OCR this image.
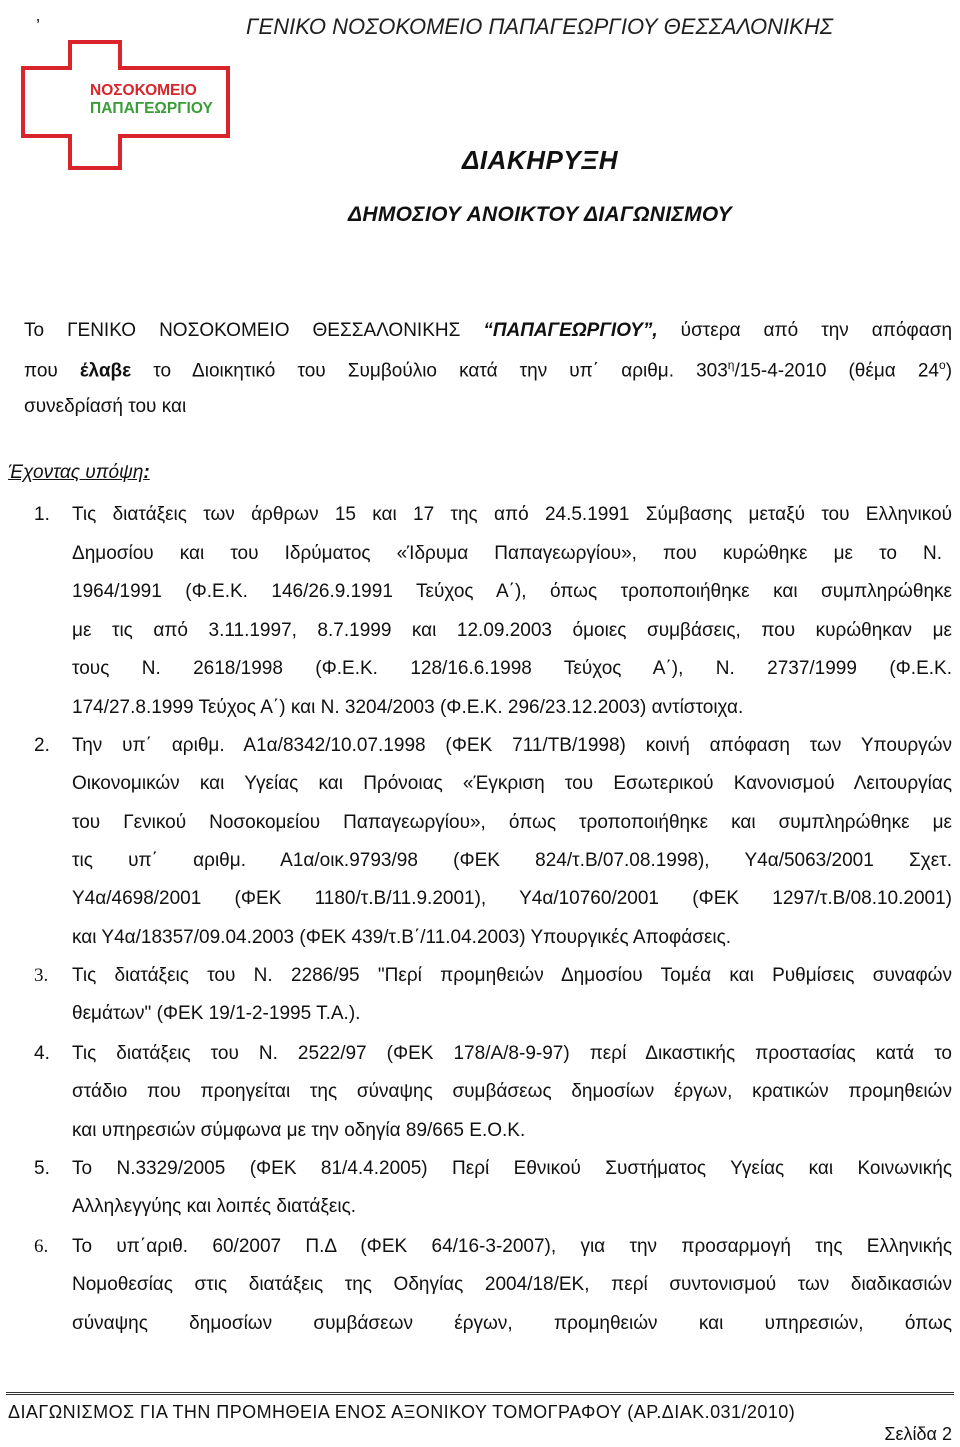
’	ΓΕΝΙΚΟ ΝΟΣΟΚΟΜΕΙΟ ΠΑΠΑΓΕΩΡΓΙΟΥ ΘΕΣΣΑΛΟΝΙΚΗΣ
ΝΟΣΟΚΟΜΕΙΟ
ΠΑΠΑΓΕΩΡΓΙΟΥ
ΔΙΑΚΗΡΥΞΗ
ΔΗΜΟΣΙΟΥ ΑΝΟΙΚΤΟΥ ΔΙΑΓΩΝΙΣΜΟΥ
Το ΓΕΝΙΚΟ ΝΟΣΟΚΟΜΕΙΟ ΘΕΣΣΑΛΟΝΙΚΗΣ “ΠΑΠΑΓΕΩΡΓΙΟΥ”, ύστερα από την απόφαση
που έλαβε το Διοικητικό του Συμβούλιο κατά την υπ΄ αριθμ. $303^\eta/15-4-2010$ (θέμα $24^o$)
συνεδρίασή του και
Έχοντας υπόψη:
1. Τις διατάξεις των άρθρων 15 και 17 της από 24.5.1991 Σύμβασης μεταξύ του Ελληνικού
Δημοσίου και του Ιδρύματος «Ίδρυμα Παπαγεωργίου», που κυρώθηκε με το Ν.
1964/1991 (Φ.Ε.Κ. 146/26.9.1991 Τεύχος Α΄), όπως τροποποιήθηκε και συμπληρώθηκε
με τις από 3.11.1997, 8.7.1999 και 12.09.2003 όμοιες συμβάσεις, που κυρώθηκαν με
τους Ν. 2618/1998 (Φ.Ε.Κ. 128/16.6.1998 Τεύχος Α΄), Ν. 2737/1999 (Φ.Ε.Κ.
174/27.8.1999 Τεύχος Α΄) και Ν. 3204/2003 (Φ.Ε.Κ. 296/23.12.2003) αντίστοιχα.
2. Την υπ΄ αριθμ. Α1α/8342/10.07.1998 (ΦΕΚ 711/ΤΒ/1998) κοινή απόφαση των Υπουργών
Οικονομικών και Υγείας και Πρόνοιας «Έγκριση του Εσωτερικού Κανονισμού Λειτουργίας
του Γενικού Νοσοκομείου Παπαγεωργίου», όπως τροποποιήθηκε και συμπληρώθηκε με
τις υπ΄ αριθμ. Α1α/οικ.9793/98 (ΦΕΚ 824/τ.Β/07.08.1998), Υ4α/5063/2001 Σχετ.
Υ4α/4698/2001 (ΦΕΚ 1180/τ.Β/11.9.2001), Υ4α/10760/2001 (ΦΕΚ 1297/τ.Β/08.10.2001)
και Υ4α/18357/09.04.2003 (ΦΕΚ 439/τ.Β΄/11.04.2003) Υπουργικές Αποφάσεις.
3. Τις διατάξεις του Ν. 2286/95 "Περί προμηθειών Δημοσίου Τομέα και Ρυθμίσεις συναφών
θεμάτων" (ΦΕΚ 19/1-2-1995 Τ.Α.).
4. Τις διατάξεις του Ν. 2522/97 (ΦΕΚ 178/Α/8-9-97) περί Δικαστικής προστασίας κατά το
στάδιο που προηγείται της σύναψης συμβάσεως δημοσίων έργων, κρατικών προμηθειών
και υπηρεσιών σύμφωνα με την οδηγία 89/665 Ε.Ο.Κ.
5. Το Ν.3329/2005 (ΦΕΚ 81/4.4.2005) Περί Εθνικού Συστήματος Υγείας και Κοινωνικής
Αλληλεγγύης και λοιπές διατάξεις.
6. Το υπ΄αριθ. 60/2007 Π.Δ (ΦΕΚ 64/16-3-2007), για την προσαρμογή της Ελληνικής
Νομοθεσίας στις διατάξεις της Οδηγίας 2004/18/ΕΚ, περί συντονισμού των διαδικασιών
σύναψης δημοσίων συμβάσεων έργων, προμηθειών και υπηρεσιών, όπως
ΔΙΑΓΩΝΙΣΜΟΣ ΓΙΑ ΤΗΝ ΠΡΟΜΗΘΕΙΑ ΕΝΟΣ ΑΞΟΝΙΚΟΥ ΤΟΜΟΓΡΑΦΟΥ (ΑΡ.ΔΙΑΚ.031/2010)
Σελίδα 2
